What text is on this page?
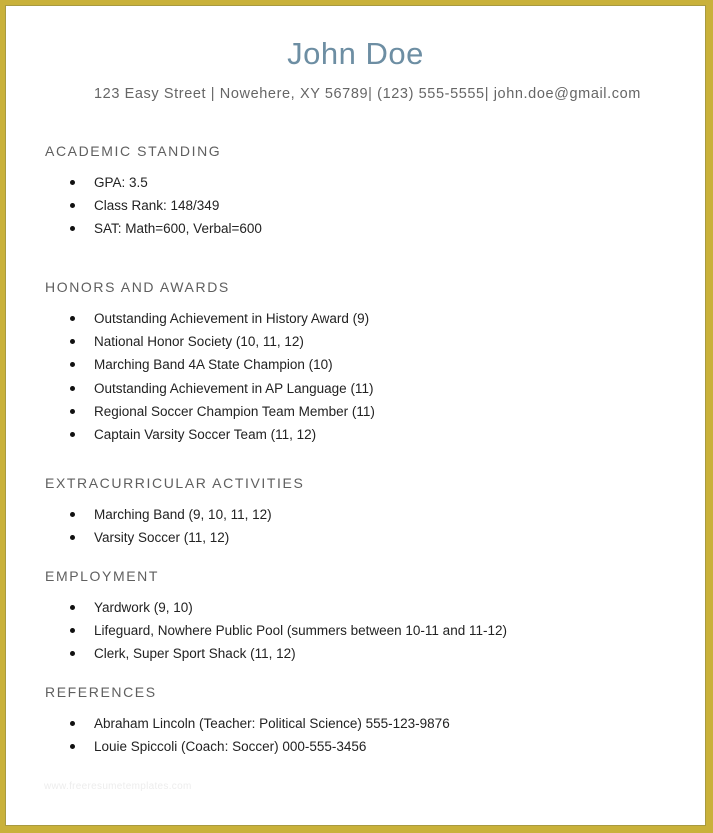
John Doe
123 Easy Street | Nowehere, XY 56789| (123) 555-5555| john.doe@gmail.com
ACADEMIC STANDING
GPA: 3.5
Class Rank: 148/349
SAT: Math=600, Verbal=600
HONORS AND AWARDS
Outstanding Achievement in History Award (9)
National Honor Society (10, 11, 12)
Marching Band 4A State Champion (10)
Outstanding Achievement in AP Language (11)
Regional Soccer Champion Team Member (11)
Captain Varsity Soccer Team (11, 12)
EXTRACURRICULAR ACTIVITIES
Marching Band (9, 10, 11, 12)
Varsity Soccer (11, 12)
EMPLOYMENT
Yardwork (9, 10)
Lifeguard, Nowhere Public Pool (summers between 10-11 and 11-12)
Clerk, Super Sport Shack (11, 12)
REFERENCES
Abraham Lincoln (Teacher: Political Science) 555-123-9876
Louie Spiccoli (Coach: Soccer) 000-555-3456
www.freeresumetemplates.com
